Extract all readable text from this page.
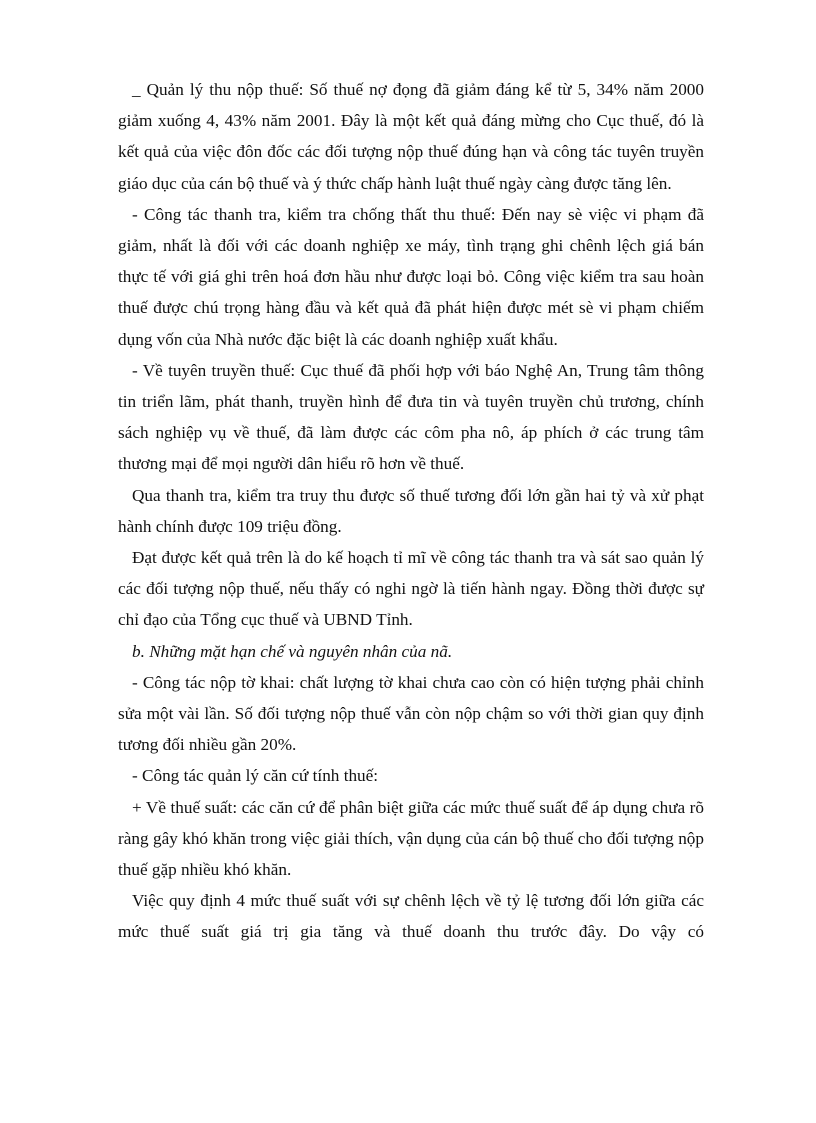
_ Quản lý thu nộp thuế: Số thuế nợ đọng đã giảm đáng kể từ 5, 34% năm 2000 giảm xuống 4, 43% năm 2001. Đây là một kết quả đáng mừng cho Cục thuế, đó là kết quả của việc đôn đốc các đối tượng nộp thuế đúng hạn và công tác tuyên truyền giáo dục của cán bộ thuế và ý thức chấp hành luật thuế ngày càng được tăng lên.

- Công tác thanh tra, kiểm tra chống thất thu thuế: Đến nay sè việc vi phạm đã giảm, nhất là đối với các doanh nghiệp xe máy, tình trạng ghi chênh lệch giá bán thực tế với giá ghi trên hoá đơn hầu như được loại bỏ. Công việc kiểm tra sau hoàn thuế được chú trọng hàng đầu và kết quả đã phát hiện được mét sè vi phạm chiếm dụng vốn của Nhà nước đặc biệt là các doanh nghiệp xuất khẩu.

- Về tuyên truyền thuế: Cục thuế đã phối hợp với báo Nghệ An, Trung tâm thông tin triển lãm, phát thanh, truyền hình để đưa tin và tuyên truyền chủ trương, chính sách nghiệp vụ về thuế, đã làm được các côm pha nô, áp phích ở các trung tâm thương mại để mọi người dân hiểu rõ hơn về thuế.

Qua thanh tra, kiểm tra truy thu được số thuế tương đối lớn gần hai tỷ và xử phạt hành chính được 109 triệu đồng.

Đạt được kết quả trên là do kế hoạch tỉ mĩ về công tác thanh tra và sát sao quản lý các đối tượng nộp thuế, nếu thấy có nghi ngờ là tiến hành ngay. Đồng thời được sự chỉ đạo của Tổng cục thuế và UBND Tỉnh.

b. Những mặt hạn chế và nguyên nhân của nã.

- Công tác nộp tờ khai: chất lượng tờ khai chưa cao còn có hiện tượng phải chỉnh sửa một vài lần. Số đối tượng nộp thuế vẫn còn nộp chậm so với thời gian quy định tương đối nhiều gần 20%.

- Công tác quản lý căn cứ tính thuế:

+ Về thuế suất: các căn cứ để phân biệt giữa các mức thuế suất để áp dụng chưa rõ ràng gây khó khăn trong việc giải thích, vận dụng của cán bộ thuế cho đối tượng nộp thuế gặp nhiều khó khăn.

Việc quy định 4 mức thuế suất với sự chênh lệch về tỷ lệ tương đối lớn giữa các mức thuế suất giá trị gia tăng và thuế doanh thu trước đây. Do vậy có
